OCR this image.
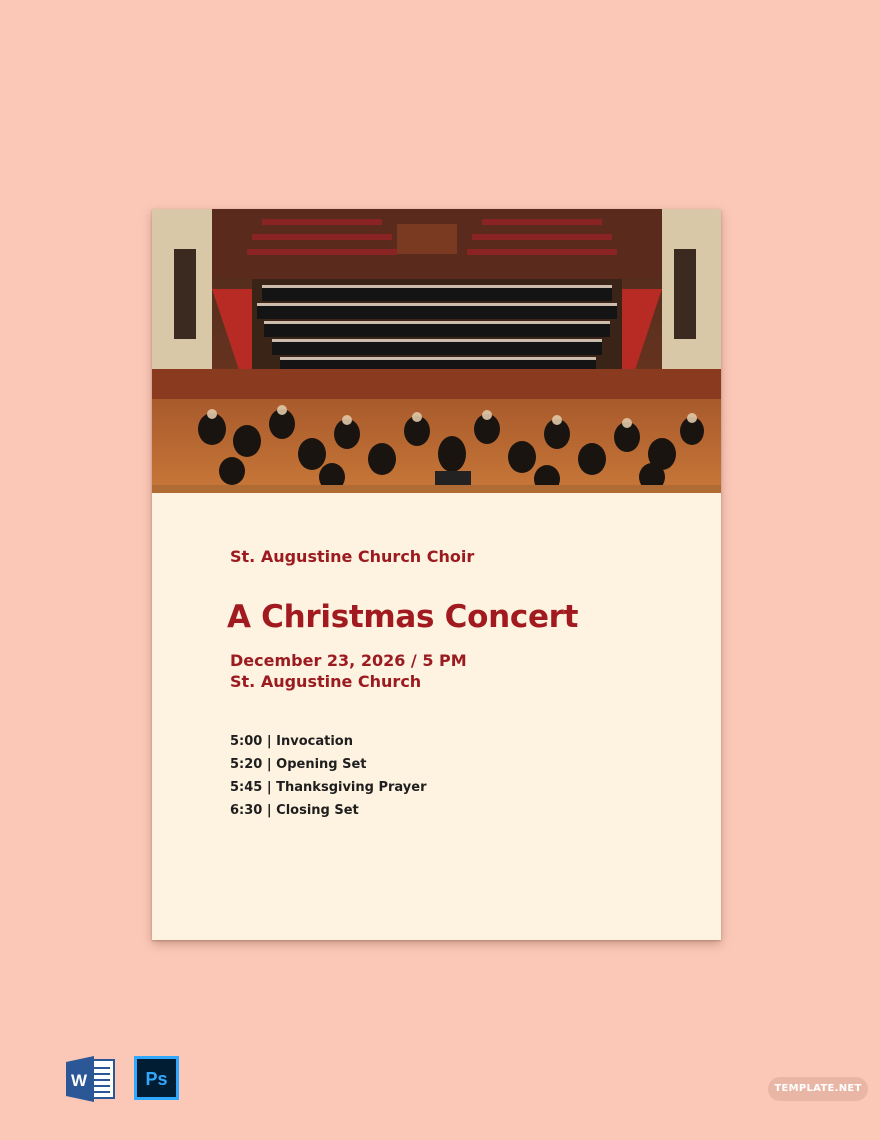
St. Augustine Church Choir
A Christmas Concert
December 23, 2026 / 5 PM
St. Augustine Church
5:00 | Invocation
5:20 | Opening Set
5:45 | Thanksgiving Prayer
6:30 | Closing Set
W	Ps	TEMPLATE.NET
